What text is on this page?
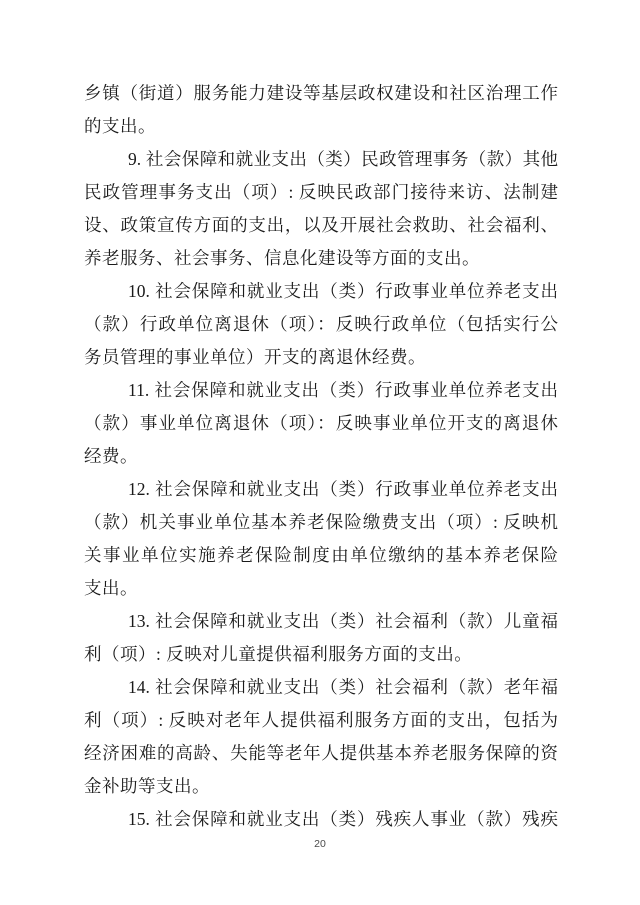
乡镇（街道）服务能力建设等基层政权建设和社区治理工作
的支出。
9. 社会保障和就业支出（类）民政管理事务（款）其他
民政管理事务支出（项）: 反映民政部门接待来访、法制建
设、政策宣传方面的支出，以及开展社会救助、社会福利、
养老服务、社会事务、信息化建设等方面的支出。
10. 社会保障和就业支出（类）行政事业单位养老支出
（款）行政单位离退休（项）：反映行政单位（包括实行公
务员管理的事业单位）开支的离退休经费。
11. 社会保障和就业支出（类）行政事业单位养老支出
（款）事业单位离退休（项）：反映事业单位开支的离退休
经费。
12. 社会保障和就业支出（类）行政事业单位养老支出
（款）机关事业单位基本养老保险缴费支出（项）: 反映机
关事业单位实施养老保险制度由单位缴纳的基本养老保险
支出。
13. 社会保障和就业支出（类）社会福利（款）儿童福
利（项）: 反映对儿童提供福利服务方面的支出。
14. 社会保障和就业支出（类）社会福利（款）老年福
利（项）: 反映对老年人提供福利服务方面的支出，包括为
经济困难的高龄、失能等老年人提供基本养老服务保障的资
金补助等支出。
15. 社会保障和就业支出（类）残疾人事业（款）残疾
20
